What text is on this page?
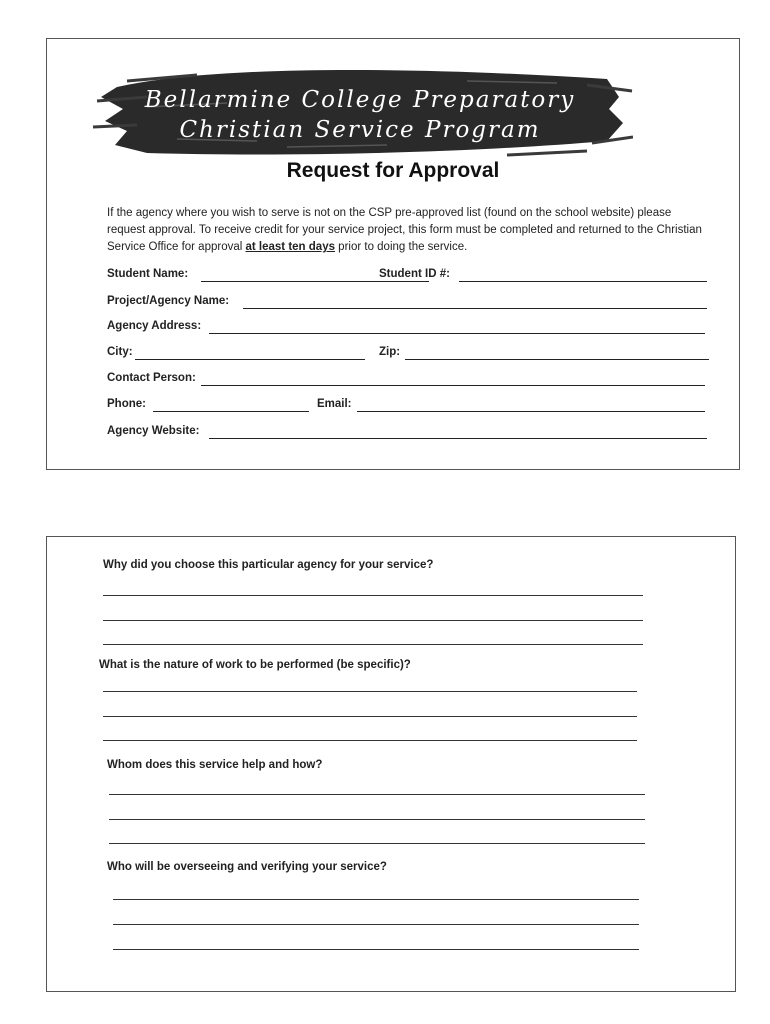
Bellarmine College Preparatory
Christian Service Program
Request for Approval
If the agency where you wish to serve is not on the CSP pre-approved list (found on the school website) please request approval. To receive credit for your service project, this form must be completed and returned to the Christian Service Office for approval at least ten days prior to doing the service.
Student Name:	Student ID #:
Project/Agency Name:
Agency Address:
City:	Zip:
Contact Person:
Phone:	Email:
Agency Website:
Why did you choose this particular agency for your service?
What is the nature of work to be performed (be specific)?
Whom does this service help and how?
Who will be overseeing and verifying your service?
